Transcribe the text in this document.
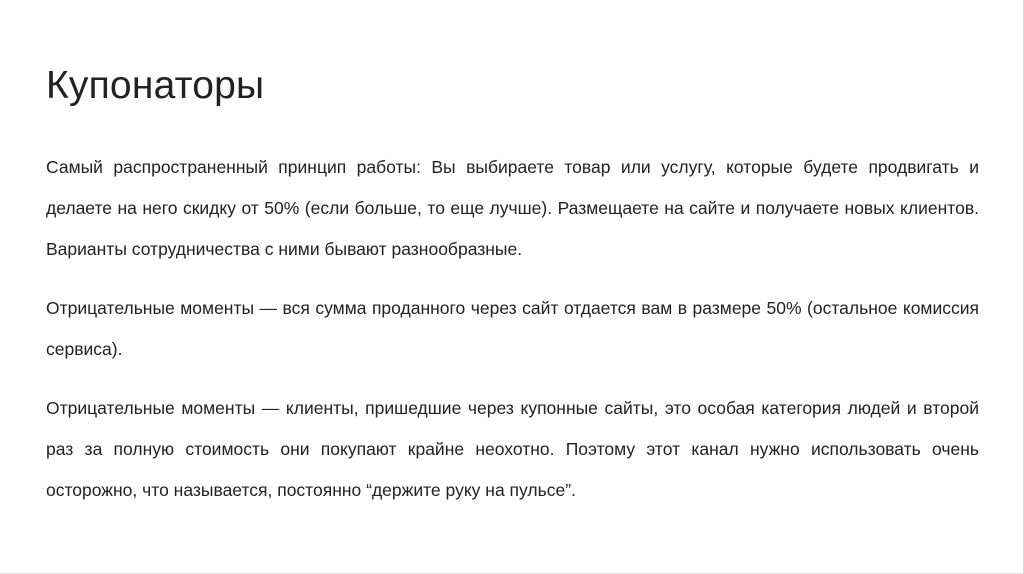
Купонаторы

Самый распространенный принцип работы: Вы выбираете товар или услугу, которые будете продвигать и делаете на него скидку от 50% (если больше, то еще лучше). Размещаете на сайте и получаете новых клиентов. Варианты сотрудничества с ними бывают разнообразные.

Отрицательные моменты — вся сумма проданного через сайт отдается вам в размере 50% (остальное комиссия сервиса).

Отрицательные моменты — клиенты, пришедшие через купонные сайты, это особая категория людей и второй раз за полную стоимость они покупают крайне неохотно. Поэтому этот канал нужно использовать очень осторожно, что называется, постоянно “держите руку на пульсе”.
